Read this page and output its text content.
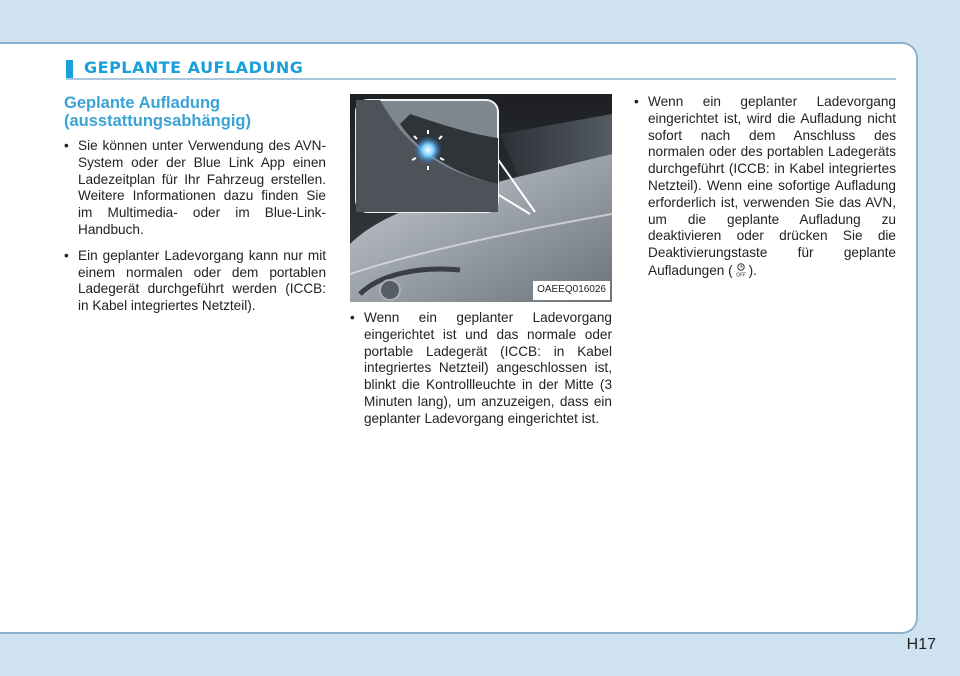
GEPLANTE AUFLADUNG
Geplante Aufladung
(ausstattungsabhängig)
• Sie können unter Verwendung des AVN-System oder der Blue Link App einen Ladezeitplan für Ihr Fahrzeug erstellen. Weitere Informationen dazu finden Sie im Multimedia- oder im Blue-Link-Handbuch.
• Ein geplanter Ladevorgang kann nur mit einem normalen oder dem portablen Ladegerät durchgeführt werden (ICCB: in Kabel integriertes Netzteil).
OAEEQ016026
• Wenn ein geplanter Ladevorgang eingerichtet ist und das normale oder portable Ladegerät (ICCB: in Kabel integriertes Netzteil) angeschlossen ist, blinkt die Kontrollleuchte in der Mitte (3 Minuten lang), um anzuzeigen, dass ein geplanter Ladevorgang eingerichtet ist.
• Wenn ein geplanter Ladevorgang eingerichtet ist, wird die Aufladung nicht sofort nach dem Anschluss des normalen oder des portablen Ladegeräts durchgeführt (ICCB: in Kabel integriertes Netzteil). Wenn eine sofortige Aufladung erforderlich ist, verwenden Sie das AVN, um die geplante Aufladung zu deaktivieren oder drücken Sie die Deaktivierungstaste für geplante Aufladungen ( OFF ).
H17
